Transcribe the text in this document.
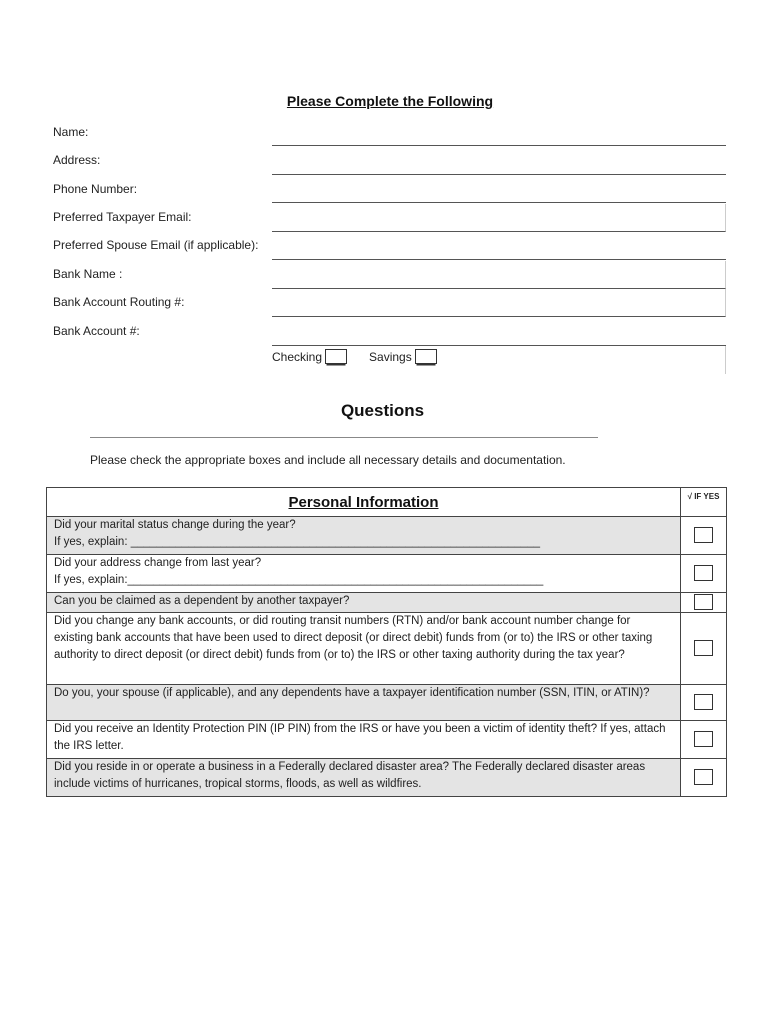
Please Complete the Following
Name:
Address:
Phone Number:
Preferred Taxpayer Email:
Preferred Spouse Email (if applicable):
Bank Name :
Bank Account Routing #:
Bank Account #:
Checking	Savings
Questions
Please check the appropriate boxes and include all necessary details and documentation.
Personal Information	√ IF YES
Did your marital status change during the year?
If yes, explain: ________________________________________________________________	
Did your address change from last year?
If yes, explain:_________________________________________________________________	
Can you be claimed as a dependent by another taxpayer?	
Did you change any bank accounts, or did routing transit numbers (RTN) and/or bank account number change for existing bank accounts that have been used to direct deposit (or direct debit) funds from (or to) the IRS or other taxing authority to direct deposit (or direct debit) funds from (or to) the IRS or other taxing authority during the tax year?	
Do you, your spouse (if applicable), and any dependents have a taxpayer identification number (SSN, ITIN, or ATIN)?	
Did you receive an Identity Protection PIN (IP PIN) from the IRS or have you been a victim of identity theft? If yes, attach the IRS letter.	
Did you reside in or operate a business in a Federally declared disaster area? The Federally declared disaster areas include victims of hurricanes, tropical storms, floods, as well as wildfires.	
